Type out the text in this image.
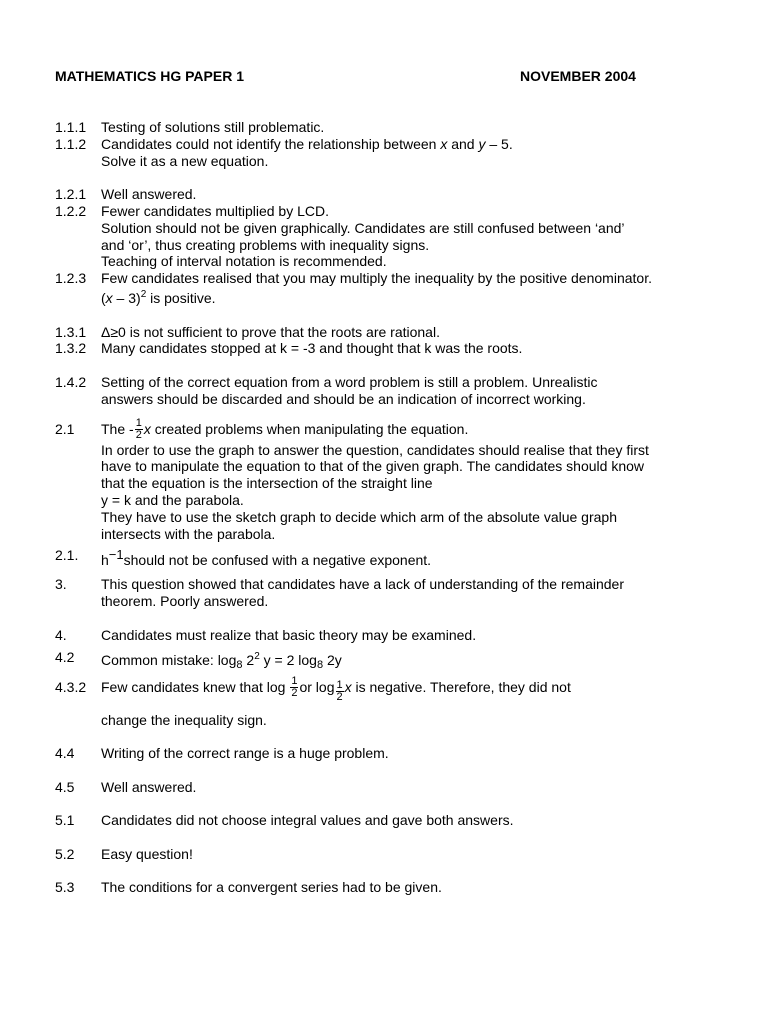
MATHEMATICS HG PAPER 1	NOVEMBER 2004
1.1.1 Testing of solutions still problematic.
1.1.2 Candidates could not identify the relationship between x and y – 5.
Solve it as a new equation.
1.2.1 Well answered.
1.2.2 Fewer candidates multiplied by LCD.
Solution should not be given graphically. Candidates are still confused between ‘and’
and ‘or’, thus creating problems with inequality signs.
Teaching of interval notation is recommended.
1.2.3 Few candidates realised that you may multiply the inequality by the positive denominator.
(x – 3)$^2$ is positive.
1.3.1 Δ≥0 is not sufficient to prove that the roots are rational.
1.3.2 Many candidates stopped at k = -3 and thought that k was the roots.
1.4.2 Setting of the correct equation from a word problem is still a problem. Unrealistic
answers should be discarded and should be an indication of incorrect working.
2.1 The - $\frac{1}{2}$ x created problems when manipulating the equation.
In order to use the graph to answer the question, candidates should realise that they first
have to manipulate the equation to that of the given graph. The candidates should know
that the equation is the intersection of the straight line
y = k and the parabola.
They have to use the sketch graph to decide which arm of the absolute value graph
intersects with the parabola.
2.1. h−1should not be confused with a negative exponent.
3. This question showed that candidates have a lack of understanding of the remainder
theorem. Poorly answered.
4. Candidates must realize that basic theory may be examined.
4.2 Common mistake: $\log_8 2^2$ y = 2 $\log_8 2y$
4.3.2 Few candidates knew that $\log \frac{1}{2}$ or $\log \frac{1}{2}$ x is negative. Therefore, they did not
change the inequality sign.
4.4 Writing of the correct range is a huge problem.
4.5 Well answered.
5.1 Candidates did not choose integral values and gave both answers.
5.2 Easy question!
5.3 The conditions for a convergent series had to be given.
